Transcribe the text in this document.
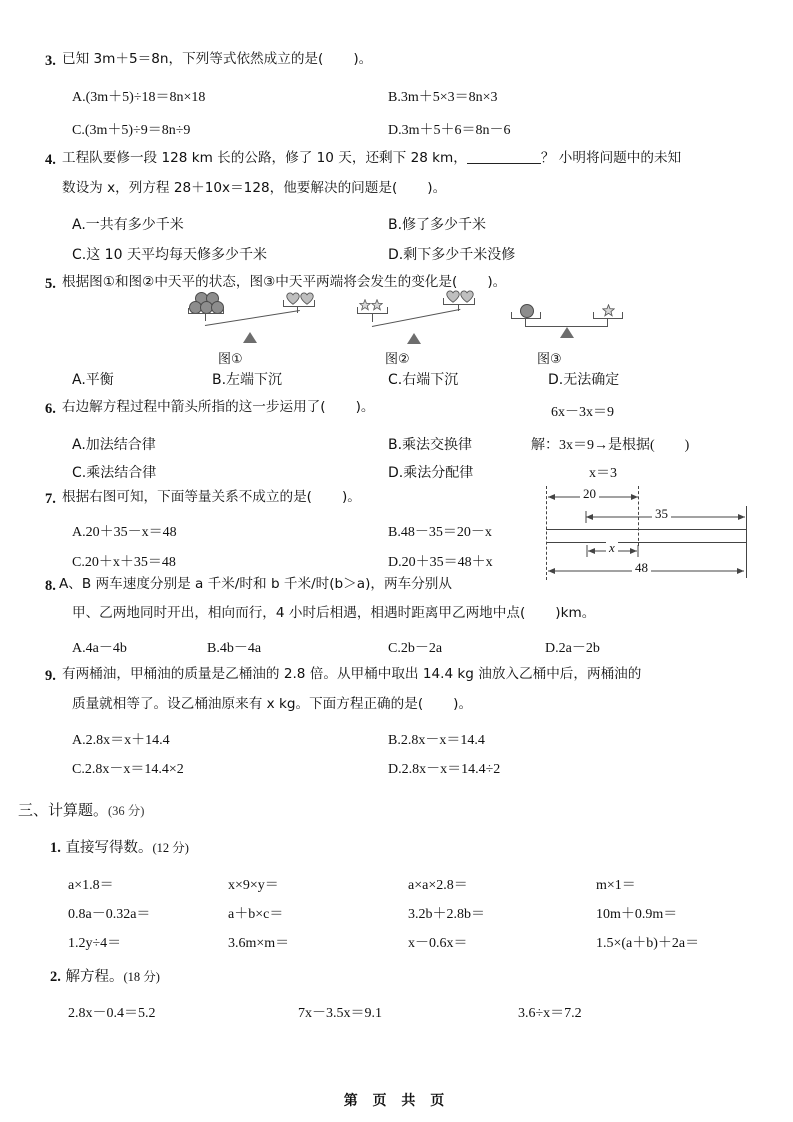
3. 已知 3m＋5＝8n，下列等式依然成立的是( )。
A.(3m＋5)÷18＝8n×18	B.3m＋5×3＝8n×3
C.(3m＋5)÷9＝8n÷9	D.3m＋5＋6＝8n－6
4. 工程队要修一段 128 km 长的公路，修了 10 天，还剩下 28 km，	？ 小明将问题中的未知
数设为 x，列方程 28＋10x＝128，他要解决的问题是( )。
A.一共有多少千米	B.修了多少千米
C.这 10 天平均每天修多少千米	D.剩下多少千米没修
5. 根据图①和图②中天平的状态，图③中天平两端将会发生的变化是( )。
图①	图②	图③
A.平衡	B.左端下沉	C.右端下沉	D.无法确定
6. 右边解方程过程中箭头所指的这一步运用了( )。
A.加法结合律	B.乘法交换律
C.乘法结合律	D.乘法分配律
6x－3x＝9
解：3x＝9→是根据( )
x＝3
7. 根据右图可知，下面等量关系不成立的是( )。
A.20＋35－x＝48	B.48－35＝20－x
C.20＋x＋35＝48	D.20＋35＝48＋x
20
35
x
48
8. A、B 两车速度分别是 a 千米/时和 b 千米/时(b＞a)，两车分别从
甲、乙两地同时开出，相向而行，4 小时后相遇，相遇时距离甲乙两地中点( )km。
A.4a－4b	B.4b－4a	C.2b－2a	D.2a－2b
9. 有两桶油，甲桶油的质量是乙桶油的 2.8 倍。从甲桶中取出 14.4 kg 油放入乙桶中后，两桶油的
质量就相等了。设乙桶油原来有 x kg。下面方程正确的是( )。
A.2.8x＝x＋14.4	B.2.8x－x＝14.4
C.2.8x－x＝14.4×2	D.2.8x－x＝14.4÷2
三、计算题。(36 分)
1. 直接写得数。(12 分)
a×1.8＝	x×9×y＝	a×a×2.8＝	m×1＝
0.8a－0.32a＝	a＋b×c＝	3.2b＋2.8b＝	10m＋0.9m＝
1.2y÷4＝	3.6m×m＝	x－0.6x＝	1.5×(a＋b)＋2a＝
2. 解方程。(18 分)
2.8x－0.4＝5.2	7x－3.5x＝9.1	3.6÷x＝7.2
第 页 共 页
